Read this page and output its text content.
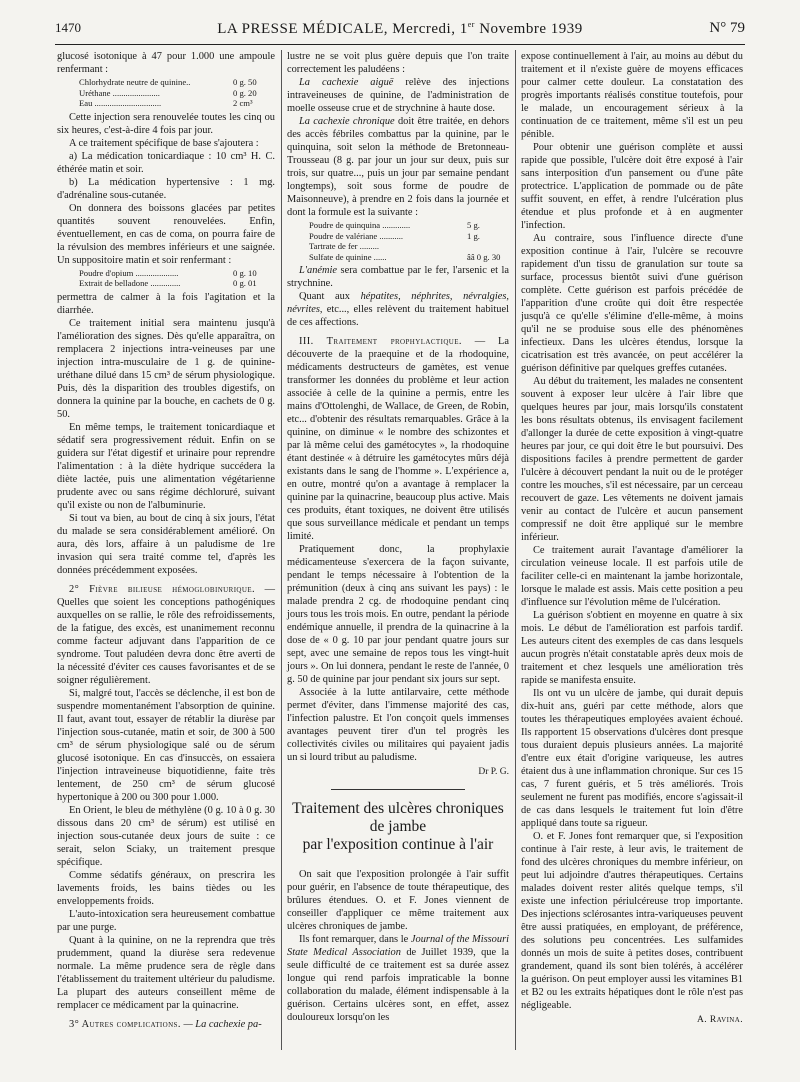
1470	LA PRESSE MÉDICALE, Mercredi, 1er Novembre 1939	N° 79

glucosé isotonique à 47 pour 1.000 une ampoule renfermant :

Chlorhydrate neutre de quinine..	0 g. 50
Uréthane ......................	0 g. 20
Eau ...............................	2 cm³

Cette injection sera renouvelée toutes les cinq ou six heures, c'est-à-dire 4 fois par jour.

A ce traitement spécifique de base s'ajoutera :

a) La médication tonicardiaque : 10 cm³ H. C. éthérée matin et soir.

b) La médication hypertensive : 1 mg. d'adrénaline sous-cutanée.

On donnera des boissons glacées par petites quantités souvent renouvelées. Enfin, éventuellement, en cas de coma, on pourra faire de la révulsion des membres inférieurs et une saignée. Un suppositoire matin et soir renfermant :

Poudre d'opium ....................	0 g. 10
Extrait de belladone ..............	0 g. 01

permettra de calmer à la fois l'agitation et la diarrhée.

Ce traitement initial sera maintenu jusqu'à l'amélioration des signes. Dès qu'elle apparaîtra, on remplacera 2 injections intra-veineuses par une injection intra-musculaire de 1 g. de quinine-uréthane dilué dans 15 cm³ de sérum physiologique. Puis, dès la disparition des troubles digestifs, on donnera la quinine par la bouche, en cachets de 0 g. 50.

En même temps, le traitement tonicardiaque et sédatif sera progressivement réduit. Enfin on se guidera sur l'état digestif et urinaire pour reprendre l'alimentation : à la diète hydrique succédera la diète lactée, puis une alimentation végétarienne prudente avec ou sans régime déchloruré, suivant qu'il existe ou non de l'albuminurie.

Si tout va bien, au bout de cinq à six jours, l'état du malade se sera considérablement amélioré. On aura, dès lors, affaire à un paludisme de 1re invasion qui sera traité comme tel, d'après les données précédemment exposées.

2° Fièvre bilieuse hémoglobinurique. — Quelles que soient les conceptions pathogéniques auxquelles on se rallie, le rôle des refroidissements, de la fatigue, des excès, est unanimement reconnu comme facteur adjuvant dans l'apparition de ce syndrome. Tout paludéen devra donc être averti de la nécessité d'éviter ces causes favorisantes et de se soigner régulièrement.

Si, malgré tout, l'accès se déclenche, il est bon de suspendre momentanément l'absorption de quinine. Il faut, avant tout, essayer de rétablir la diurèse par l'injection sous-cutanée, matin et soir, de 300 à 500 cm³ de sérum physiologique salé ou de sérum glucosé isotonique. En cas d'insuccès, on essaiera l'injection intraveineuse biquotidienne, faite très lentement, de 250 cm³ de sérum glucosé hypertonique à 200 ou 300 pour 1.000.

En Orient, le bleu de méthylène (0 g. 10 à 0 g. 30 dissous dans 20 cm³ de sérum) est utilisé en injection sous-cutanée deux jours de suite : ce serait, selon Sciaky, un traitement presque spécifique.

Comme sédatifs généraux, on prescrira les lavements froids, les bains tièdes ou les enveloppements froids.

L'auto-intoxication sera heureusement combattue par une purge.

Quant à la quinine, on ne la reprendra que très prudemment, quand la diurèse sera redevenue normale. La même prudence sera de règle dans l'établissement du traitement ultérieur du paludisme. La plupart des auteurs conseillent même de remplacer ce médicament par la quinacrine.

3° Autres complications. — La cachexie pa-

lustre ne se voit plus guère depuis que l'on traite correctement les paludéens :

La cachexie aiguë relève des injections intraveineuses de quinine, de l'administration de moelle osseuse crue et de strychnine à haute dose.

La cachexie chronique doit être traitée, en dehors des accès fébriles combattus par la quinine, par le quinquina, soit selon la méthode de Bretonneau-Trousseau (8 g. par jour un jour sur deux, puis sur trois, sur quatre..., puis un jour par semaine pendant longtemps), soit sous forme de poudre de Maisonneuve), à prendre en 2 fois dans la journée et dont la formule est la suivante :

Poudre de quinquina .............	5 g.
Poudre de valériane ...........	1 g.
Tartrate de fer .........
Sulfate de quinine ......	ââ 0 g. 30

L'anémie sera combattue par le fer, l'arsenic et la strychnine.

Quant aux hépatites, néphrites, névralgies, névrites, etc..., elles relèvent du traitement habituel de ces affections.

III. Traitement prophylactique. — La découverte de la praequine et de la rhodoquine, médicaments destructeurs de gamètes, est venue transformer les données du problème et leur action associée à celle de la quinine a permis, entre les mains d'Ottolenghi, de Wallace, de Green, de Robin, etc... d'obtenir des résultats remarquables. Grâce à la quinine, on diminue « le nombre des schizontes et par là même celui des gamétocytes », la rhodoquine étant destinée « à détruire les gamétocytes mûrs déjà existants dans le sang de l'homme ». L'expérience a, en outre, montré qu'on a avantage à remplacer la quinine par la quinacrine, beaucoup plus active. Mais ces produits, étant toxiques, ne doivent être utilisés que sous surveillance médicale et pendant un temps limité.

Pratiquement donc, la prophylaxie médicamenteuse s'exercera de la façon suivante, pendant le temps nécessaire à l'obtention de la prémunition (deux à cinq ans suivant les pays) : le malade prendra 2 cg. de rhodoquine pendant cinq jours tous les trois mois. En outre, pendant la période endémique annuelle, il prendra de la quinacrine à la dose de « 0 g. 10 par jour pendant quatre jours sur sept, avec une semaine de repos tous les vingt-huit jours ». On lui donnera, pendant le reste de l'année, 0 g. 50 de quinine par jour pendant six jours sur sept.

Associée à la lutte antilarvaire, cette méthode permet d'éviter, dans l'immense majorité des cas, l'infection palustre. Et l'on conçoit quels immenses avantages peuvent tirer d'un tel progrès les collectivités civiles ou militaires qui payaient jadis un si lourd tribut au paludisme.

Dr P. G.
Traitement des ulcères chroniques
de jambe
par l'exposition continue à l'air

On sait que l'exposition prolongée à l'air suffit pour guérir, en l'absence de toute thérapeutique, des brûlures étendues. O. et F. Jones viennent de conseiller d'appliquer ce même traitement aux ulcères chroniques de jambe.

Ils font remarquer, dans le Journal of the Missouri State Medical Association de Juillet 1939, que la seule difficulté de ce traitement est sa durée assez longue qui rend parfois impraticable la bonne collaboration du malade, élément indispensable à la guérison. Certains ulcères sont, en effet, assez douloureux lorsqu'on les

expose continuellement à l'air, au moins au début du traitement et il n'existe guère de moyens efficaces pour calmer cette douleur. La constatation des progrès importants réalisés constitue toutefois, pour le malade, un encouragement sérieux à la continuation de ce traitement, même s'il est un peu pénible.

Pour obtenir une guérison complète et aussi rapide que possible, l'ulcère doit être exposé à l'air sans interposition d'un pansement ou d'une pâte protectrice. L'application de pommade ou de pâte suffit souvent, en effet, à rendre l'ulcération plus étendue et plus profonde et à en augmenter l'infection.

Au contraire, sous l'influence directe d'une exposition continue à l'air, l'ulcère se recouvre rapidement d'un tissu de granulation sur toute sa surface, processus bientôt suivi d'une guérison complète. Cette guérison est parfois précédée de l'apparition d'une croûte qui doit être respectée jusqu'à ce qu'elle s'élimine d'elle-même, à moins qu'il ne se produise sous elle des phénomènes infectieux. Dans les ulcères étendus, lorsque la cicatrisation est très avancée, on peut accélérer la guérison définitive par quelques greffes cutanées.

Au début du traitement, les malades ne consentent souvent à exposer leur ulcère à l'air libre que quelques heures par jour, mais lorsqu'ils constatent les bons résultats obtenus, ils envisagent facilement d'allonger la durée de cette exposition à vingt-quatre heures par jour, ce qui doit être le but poursuivi. Des dispositions faciles à prendre permettent de garder l'ulcère à découvert pendant la nuit ou de le protéger contre les mouches, s'il est nécessaire, par un cerceau recouvert de gaze. Les vêtements ne doivent jamais venir au contact de l'ulcère et aucun pansement compressif ne doit être appliqué sur le membre inférieur.

Ce traitement aurait l'avantage d'améliorer la circulation veineuse locale. Il est parfois utile de faciliter celle-ci en maintenant la jambe horizontale, lorsque le malade est assis. Mais cette position a peu d'influence sur l'évolution même de l'ulcération.

La guérison s'obtient en moyenne en quatre à six mois. Le début de l'amélioration est parfois tardif. Les auteurs citent des exemples de cas dans lesquels aucun progrès n'était constatable après deux mois de traitement et chez lesquels une amélioration très rapide se manifesta ensuite.

Ils ont vu un ulcère de jambe, qui durait depuis dix-huit ans, guéri par cette méthode, alors que toutes les thérapeutiques employées avaient échoué. Ils rapportent 15 observations d'ulcères dont presque tous duraient depuis plusieurs années. La majorité d'entre eux était d'origine variqueuse, les autres étaient dus à une inflammation chronique. Sur ces 15 cas, 7 furent guéris, et 5 très améliorés. Trois seulement ne furent pas modifiés, encore s'agissait-il de cas dans lesquels le traitement fut loin d'être appliqué dans toute sa rigueur.

O. et F. Jones font remarquer que, si l'exposition continue à l'air reste, à leur avis, le traitement de fond des ulcères chroniques du membre inférieur, on peut lui adjoindre d'autres thérapeutiques. Certains malades doivent rester alités quelque temps, s'il existe une infection périulcéreuse trop importante. Des injections sclérosantes intra-variqueuses peuvent être aussi pratiquées, en employant, de préférence, des solutions peu concentrées. Les sulfamides donnés un mois de suite à petites doses, contribuent grandement, quand ils sont bien tolérés, à accélérer la guérison. On peut employer aussi les vitamines B1 et B2 ou les extraits hépatiques dont le rôle n'est pas négligeable.

A. Ravina.
